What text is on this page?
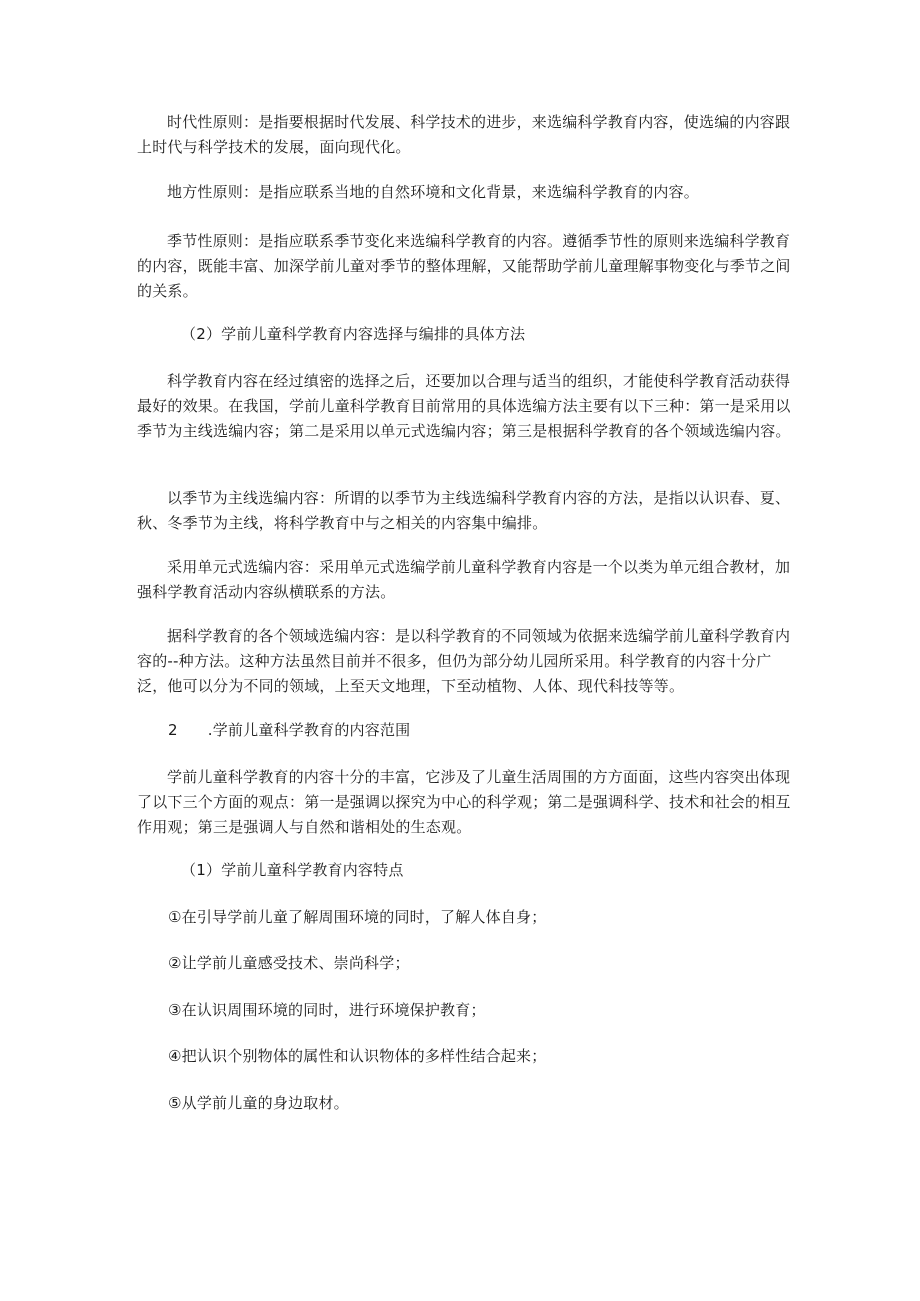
时代性原则：是指要根据时代发展、科学技术的进步，来选编科学教育内容，使选编的内容跟上时代与科学技术的发展，面向现代化。

地方性原则：是指应联系当地的自然环境和文化背景，来选编科学教育的内容。

季节性原则：是指应联系季节变化来选编科学教育的内容。遵循季节性的原则来选编科学教育的内容，既能丰富、加深学前儿童对季节的整体理解，又能帮助学前儿童理解事物变化与季节之间的关系。

（2）学前儿童科学教育内容选择与编排的具体方法

科学教育内容在经过缜密的选择之后，还要加以合理与适当的组织，才能使科学教育活动获得最好的效果。在我国，学前儿童科学教育目前常用的具体选编方法主要有以下三种：第一是采用以季节为主线选编内容；第二是采用以单元式选编内容；第三是根据科学教育的各个领域选编内容。

以季节为主线选编内容：所谓的以季节为主线选编科学教育内容的方法，是指以认识春、夏、秋、冬季节为主线，将科学教育中与之相关的内容集中编排。

采用单元式选编内容：采用单元式选编学前儿童科学教育内容是一个以类为单元组合教材，加强科学教育活动内容纵横联系的方法。

据科学教育的各个领域选编内容：是以科学教育的不同领域为依据来选编学前儿童科学教育内容的--种方法。这种方法虽然目前并不很多，但仍为部分幼儿园所采用。科学教育的内容十分广泛，他可以分为不同的领域，上至天文地理，下至动植物、人体、现代科技等等。

2	.学前儿童科学教育的内容范围

学前儿童科学教育的内容十分的丰富，它涉及了儿童生活周围的方方面面，这些内容突出体现了以下三个方面的观点：第一是强调以探究为中心的科学观；第二是强调科学、技术和社会的相互作用观；第三是强调人与自然和谐相处的生态观。

（1）学前儿童科学教育内容特点

①在引导学前儿童了解周围环境的同时，了解人体自身；

②让学前儿童感受技术、崇尚科学；

③在认识周围环境的同时，进行环境保护教育；

④把认识个别物体的属性和认识物体的多样性结合起来；

⑤从学前儿童的身边取材。
